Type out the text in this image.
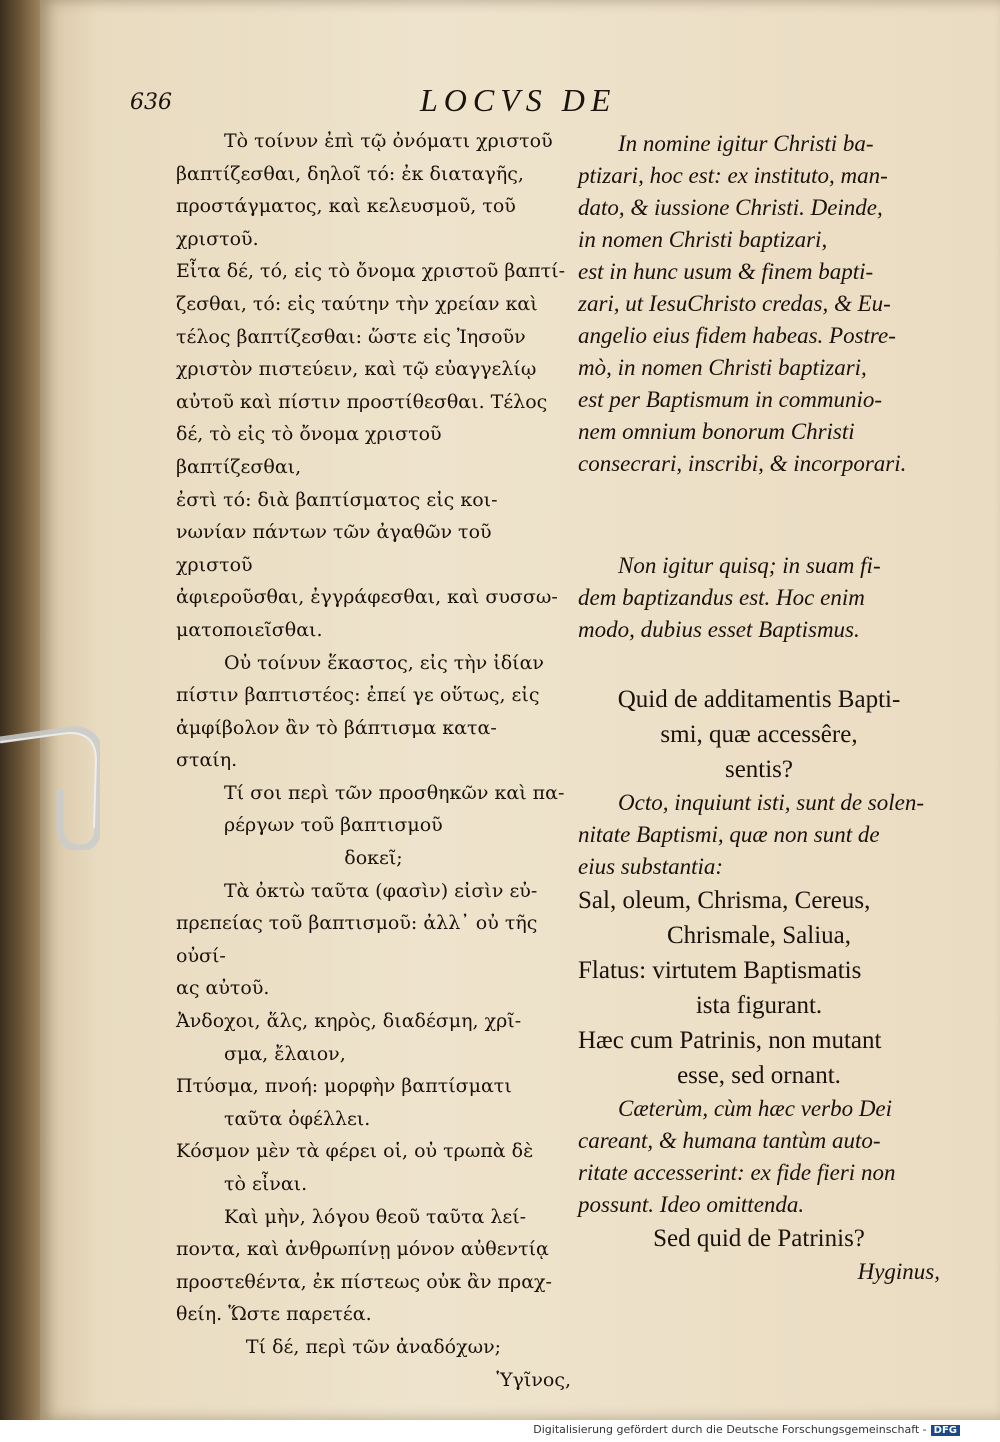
636	LOCVS DE

Τὸ τοίνυν ἐπὶ τῷ ὀνόματι χριστοῦ

βαπτίζεσθαι, δηλοῖ τό: ἐκ διαταγῆς,

προστάγματος, καὶ κελευσμοῦ, τοῦ χριστοῦ.

Εἶτα δέ, τό, εἰς τὸ ὄνομα χριστοῦ βαπτί-

ζεσθαι, τό: εἰς ταύτην τὴν χρείαν καὶ

τέλος βαπτίζεσθαι: ὥστε εἰς Ἰησοῦν

χριστὸν πιστεύειν, καὶ τῷ εὐαγγελίῳ

αὐτοῦ καὶ πίστιν προστίθεσθαι. Τέλος

δέ, τὸ εἰς τὸ ὄνομα χριστοῦ βαπτίζεσθαι,

ἐστὶ τό: διὰ βαπτίσματος εἰς κοι-

νωνίαν πάντων τῶν ἀγαθῶν τοῦ χριστοῦ

ἀφιεροῦσθαι, ἐγγράφεσθαι, καὶ συσσω-

ματοποιεῖσθαι.

Οὐ τοίνυν ἕκαστος, εἰς τὴν ἰδίαν

πίστιν βαπτιστέος: ἐπεί γε οὕτως, εἰς

ἀμφίβολον ἂν τὸ βάπτισμα κατα-

σταίη.

Τί σοι περὶ τῶν προσθηκῶν καὶ πα-

ρέργων τοῦ βαπτισμοῦ

δοκεῖ;

Τὰ ὀκτὼ ταῦτα (φασὶν) εἰσὶν εὐ-

πρεπείας τοῦ βαπτισμοῦ: ἀλλ᾽ οὐ τῆς οὐσί-

ας αὐτοῦ.

Ἀνδοχοι, ἅλς, κηρὸς, διαδέσμη, χρῖ-

σμα, ἔλαιον,

Πτύσμα, πνοή: μορφὴν βαπτίσματι

ταῦτα ὀφέλλει.

Κόσμον μὲν τὰ φέρει οἱ, οὐ τρωπὰ δὲ

τὸ εἶναι.

Καὶ μὴν, λόγου θεοῦ ταῦτα λεί-

ποντα, καὶ ἀνθρωπίνῃ μόνον αὐθεντίᾳ

προστεθέντα, ἐκ πίστεως οὐκ ἂν πραχ-

θείη. Ὥστε παρετέα.

Τί δέ, περὶ τῶν ἀναδόχων;

Ὑγῖνος,

In nomine igitur Christi ba-

ptizari, hoc est: ex instituto, man-

dato, & iussione Christi. Deinde,

in nomen Christi baptizari,

est in hunc usum & finem bapti-

zari, ut IesuChristo credas, & Eu-

angelio eius fidem habeas. Postre-

mò, in nomen Christi baptizari,

est per Baptismum in communio-

nem omnium bonorum Christi

consecrari, inscribi, & incorporari.

Non igitur quisq; in suam fi-

dem baptizandus est. Hoc enim

modo, dubius esset Baptismus.

Quid de additamentis Bapti-

smi, quæ accessêre,

sentis?

Octo, inquiunt isti, sunt de solen-

nitate Baptismi, quæ non sunt de

eius substantia:

Sal, oleum, Chrisma, Cereus,

Chrismale, Saliua,

Flatus: virtutem Baptismatis

ista figurant.

Hæc cum Patrinis, non mutant

esse, sed ornant.

Cæterùm, cùm hæc verbo Dei

careant, & humana tantùm auto-

ritate accesserint: ex fide fieri non

possunt. Ideo omittenda.

Sed quid de Patrinis?

Hyginus,

Digitalisierung gefördert durch die Deutsche Forschungsgemeinschaft - DFG
